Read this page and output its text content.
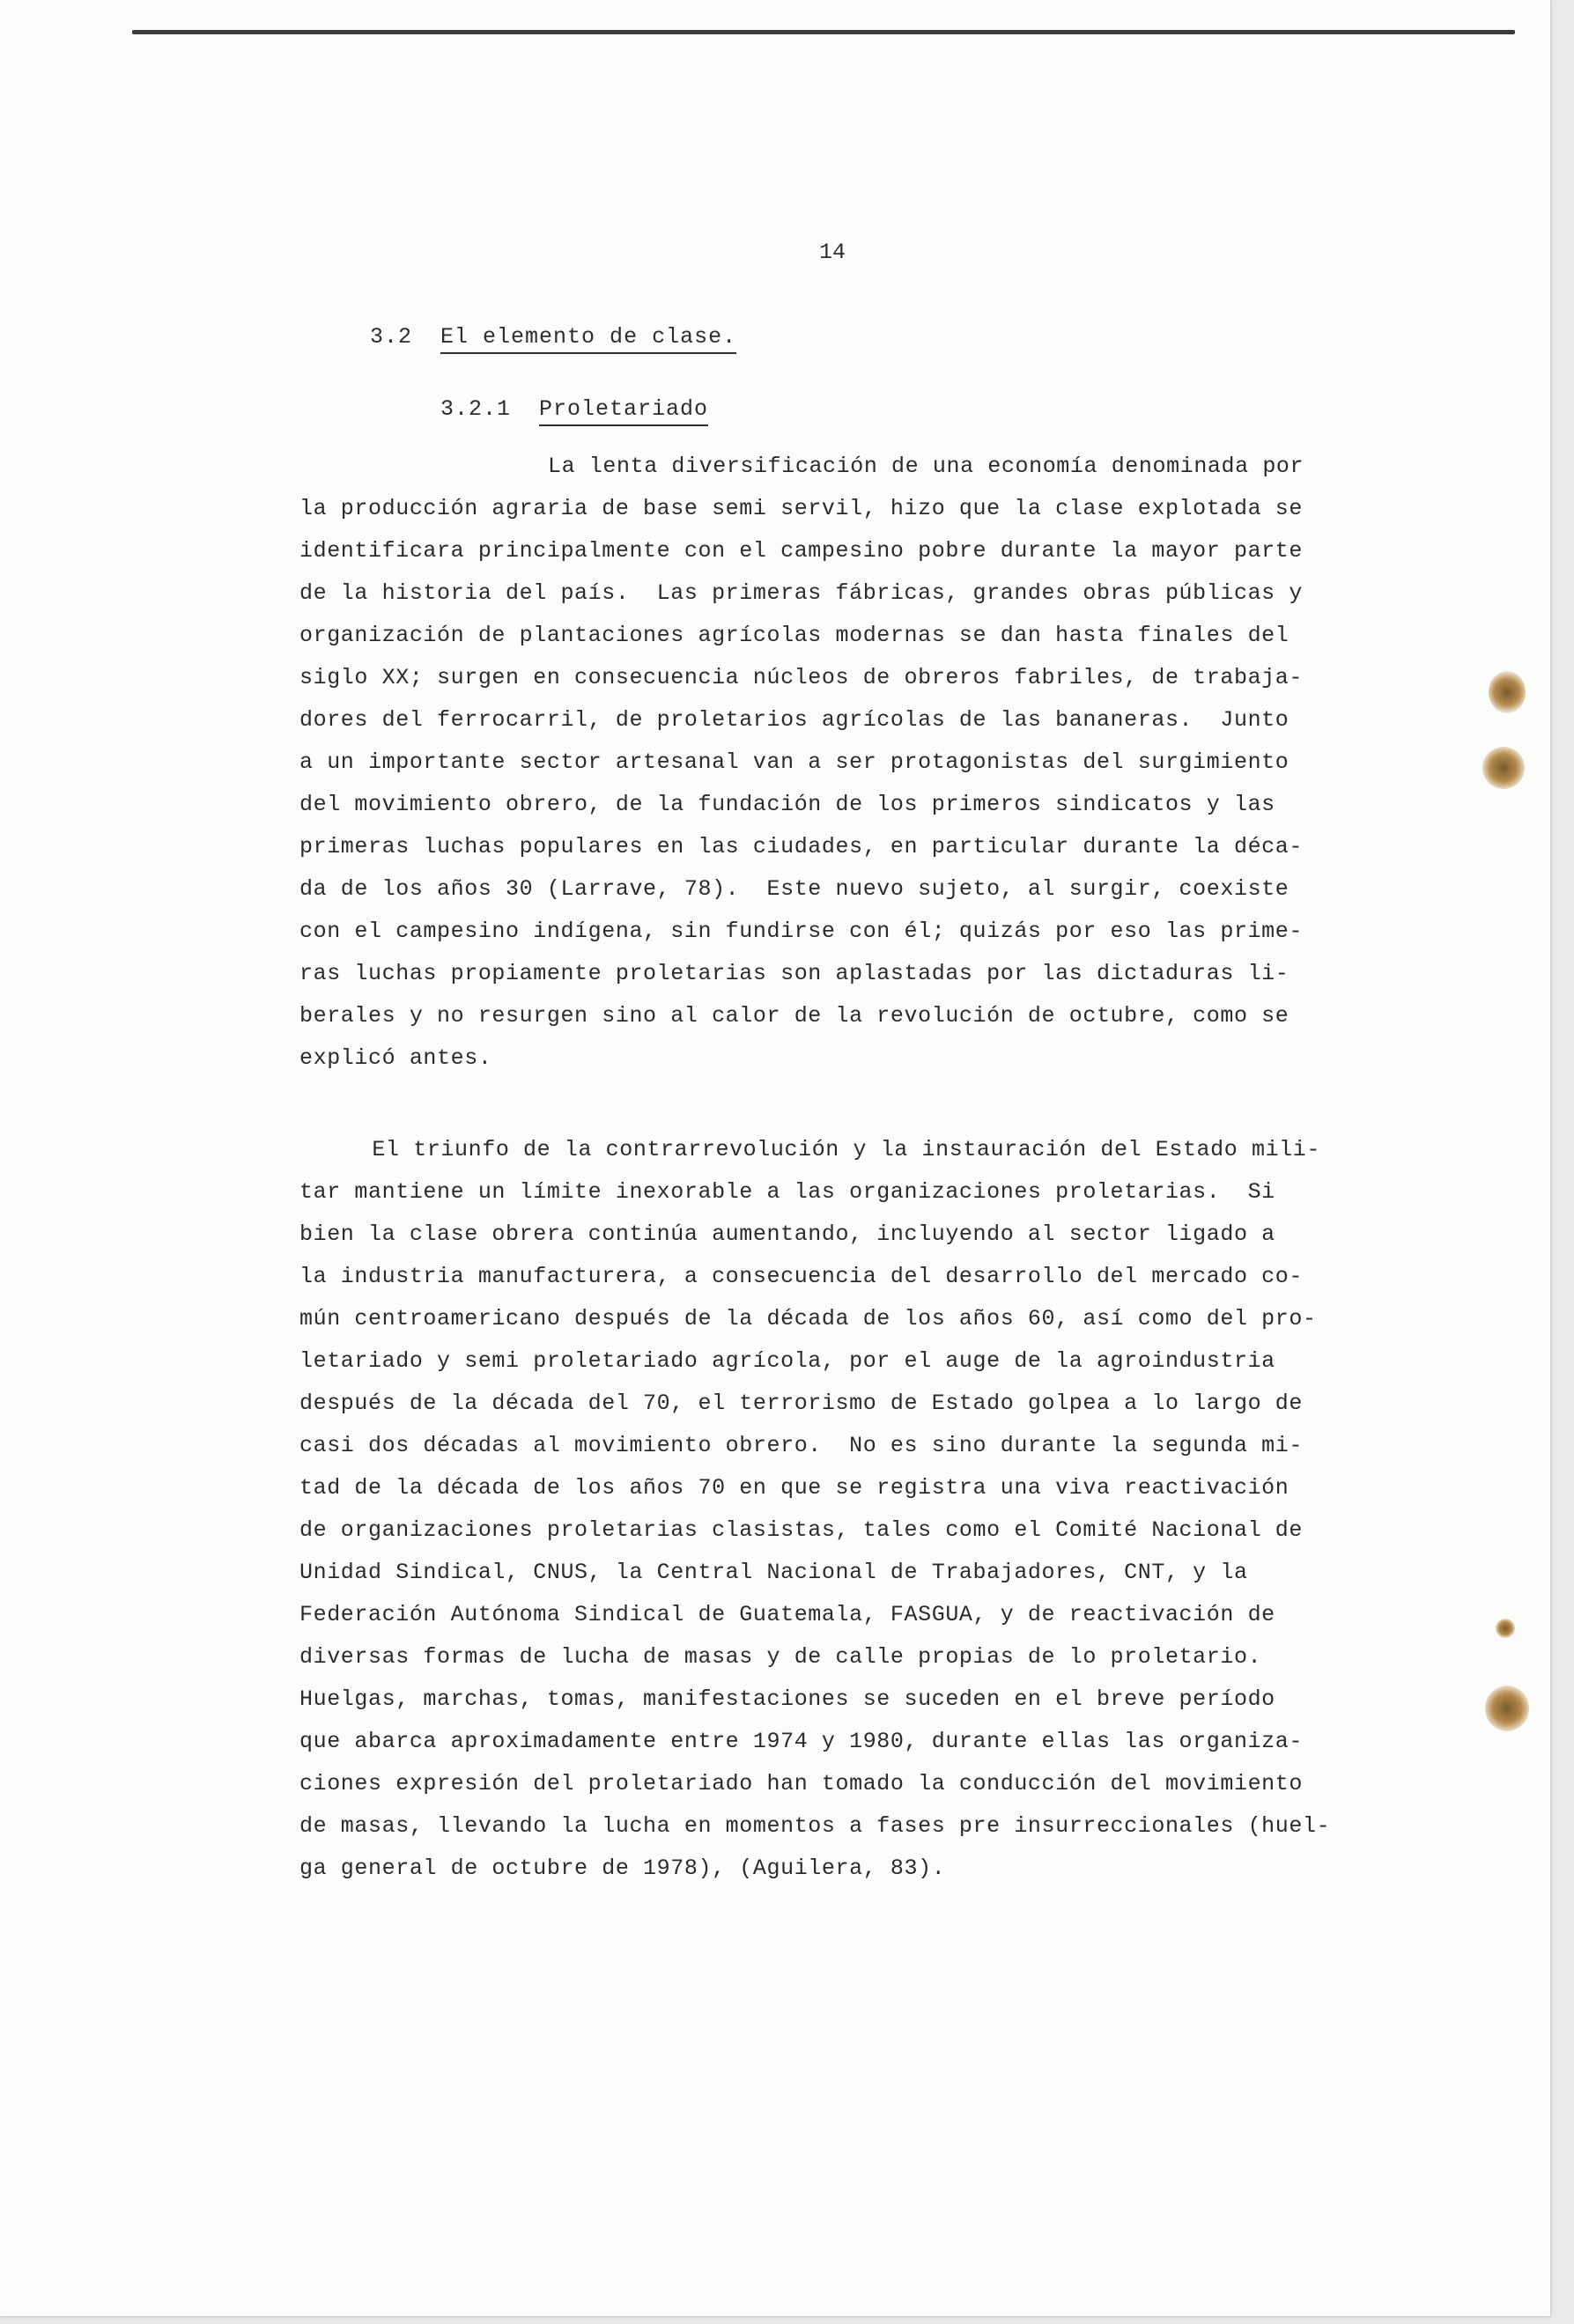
14
3.2 El elemento de clase.
3.2.1 Proletariado
La lenta diversificación de una economía denominada por
la producción agraria de base semi servil, hizo que la clase explotada se
identificara principalmente con el campesino pobre durante la mayor parte
de la historia del país.  Las primeras fábricas, grandes obras públicas y
organización de plantaciones agrícolas modernas se dan hasta finales del
siglo XX; surgen en consecuencia núcleos de obreros fabriles, de trabaja-
dores del ferrocarril, de proletarios agrícolas de las bananeras.  Junto
a un importante sector artesanal van a ser protagonistas del surgimiento
del movimiento obrero, de la fundación de los primeros sindicatos y las
primeras luchas populares en las ciudades, en particular durante la déca-
da de los años 30 (Larrave, 78).  Este nuevo sujeto, al surgir, coexiste
con el campesino indígena, sin fundirse con él; quizás por eso las prime-
ras luchas propiamente proletarias son aplastadas por las dictaduras li-
berales y no resurgen sino al calor de la revolución de octubre, como se
explicó antes.
El triunfo de la contrarrevolución y la instauración del Estado mili-
tar mantiene un límite inexorable a las organizaciones proletarias.  Si
bien la clase obrera continúa aumentando, incluyendo al sector ligado a
la industria manufacturera, a consecuencia del desarrollo del mercado co-
mún centroamericano después de la década de los años 60, así como del pro-
letariado y semi proletariado agrícola, por el auge de la agroindustria
después de la década del 70, el terrorismo de Estado golpea a lo largo de
casi dos décadas al movimiento obrero.  No es sino durante la segunda mi-
tad de la década de los años 70 en que se registra una viva reactivación
de organizaciones proletarias clasistas, tales como el Comité Nacional de
Unidad Sindical, CNUS, la Central Nacional de Trabajadores, CNT, y la
Federación Autónoma Sindical de Guatemala, FASGUA, y de reactivación de
diversas formas de lucha de masas y de calle propias de lo proletario.
Huelgas, marchas, tomas, manifestaciones se suceden en el breve período
que abarca aproximadamente entre 1974 y 1980, durante ellas las organiza-
ciones expresión del proletariado han tomado la conducción del movimiento
de masas, llevando la lucha en momentos a fases pre insurreccionales (huel-
ga general de octubre de 1978), (Aguilera, 83).
